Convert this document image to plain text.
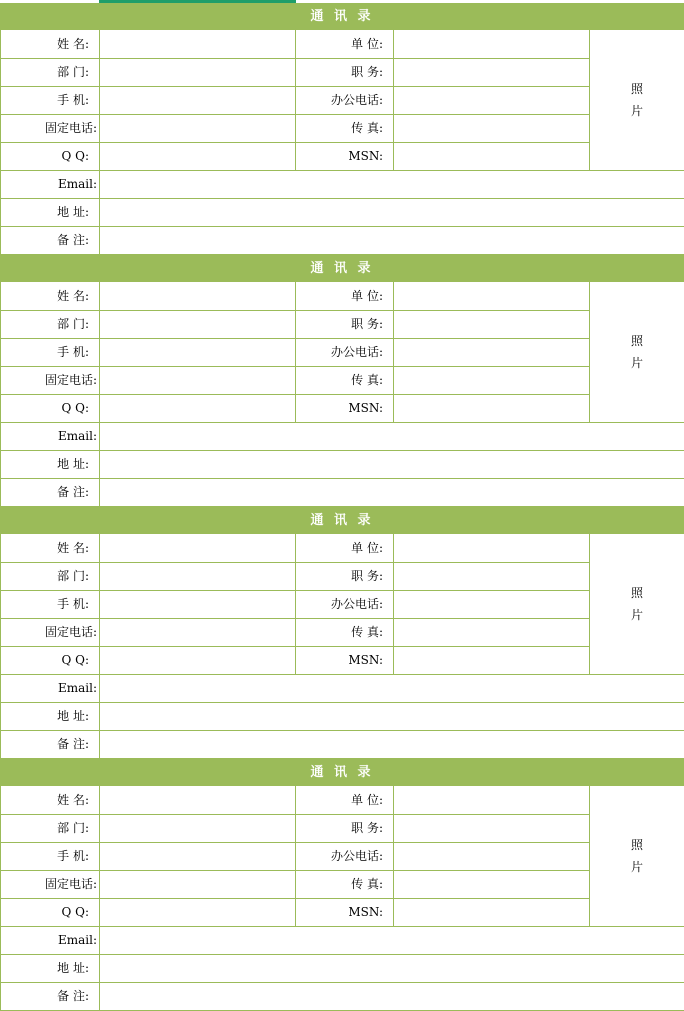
通 讯 录
姓 名:
部 门:
手 机:
固定电话:
Q Q:
Email:
地 址:
备 注:
单 位:
职 务:
办公电话:
传 真:
MSN:
照
片
通 讯 录
姓 名:
部 门:
手 机:
固定电话:
Q Q:
Email:
地 址:
备 注:
单 位:
职 务:
办公电话:
传 真:
MSN:
照
片
通 讯 录
姓 名:
部 门:
手 机:
固定电话:
Q Q:
Email:
地 址:
备 注:
单 位:
职 务:
办公电话:
传 真:
MSN:
照
片
通 讯 录
姓 名:
部 门:
手 机:
固定电话:
Q Q:
Email:
地 址:
备 注:
单 位:
职 务:
办公电话:
传 真:
MSN:
照
片
